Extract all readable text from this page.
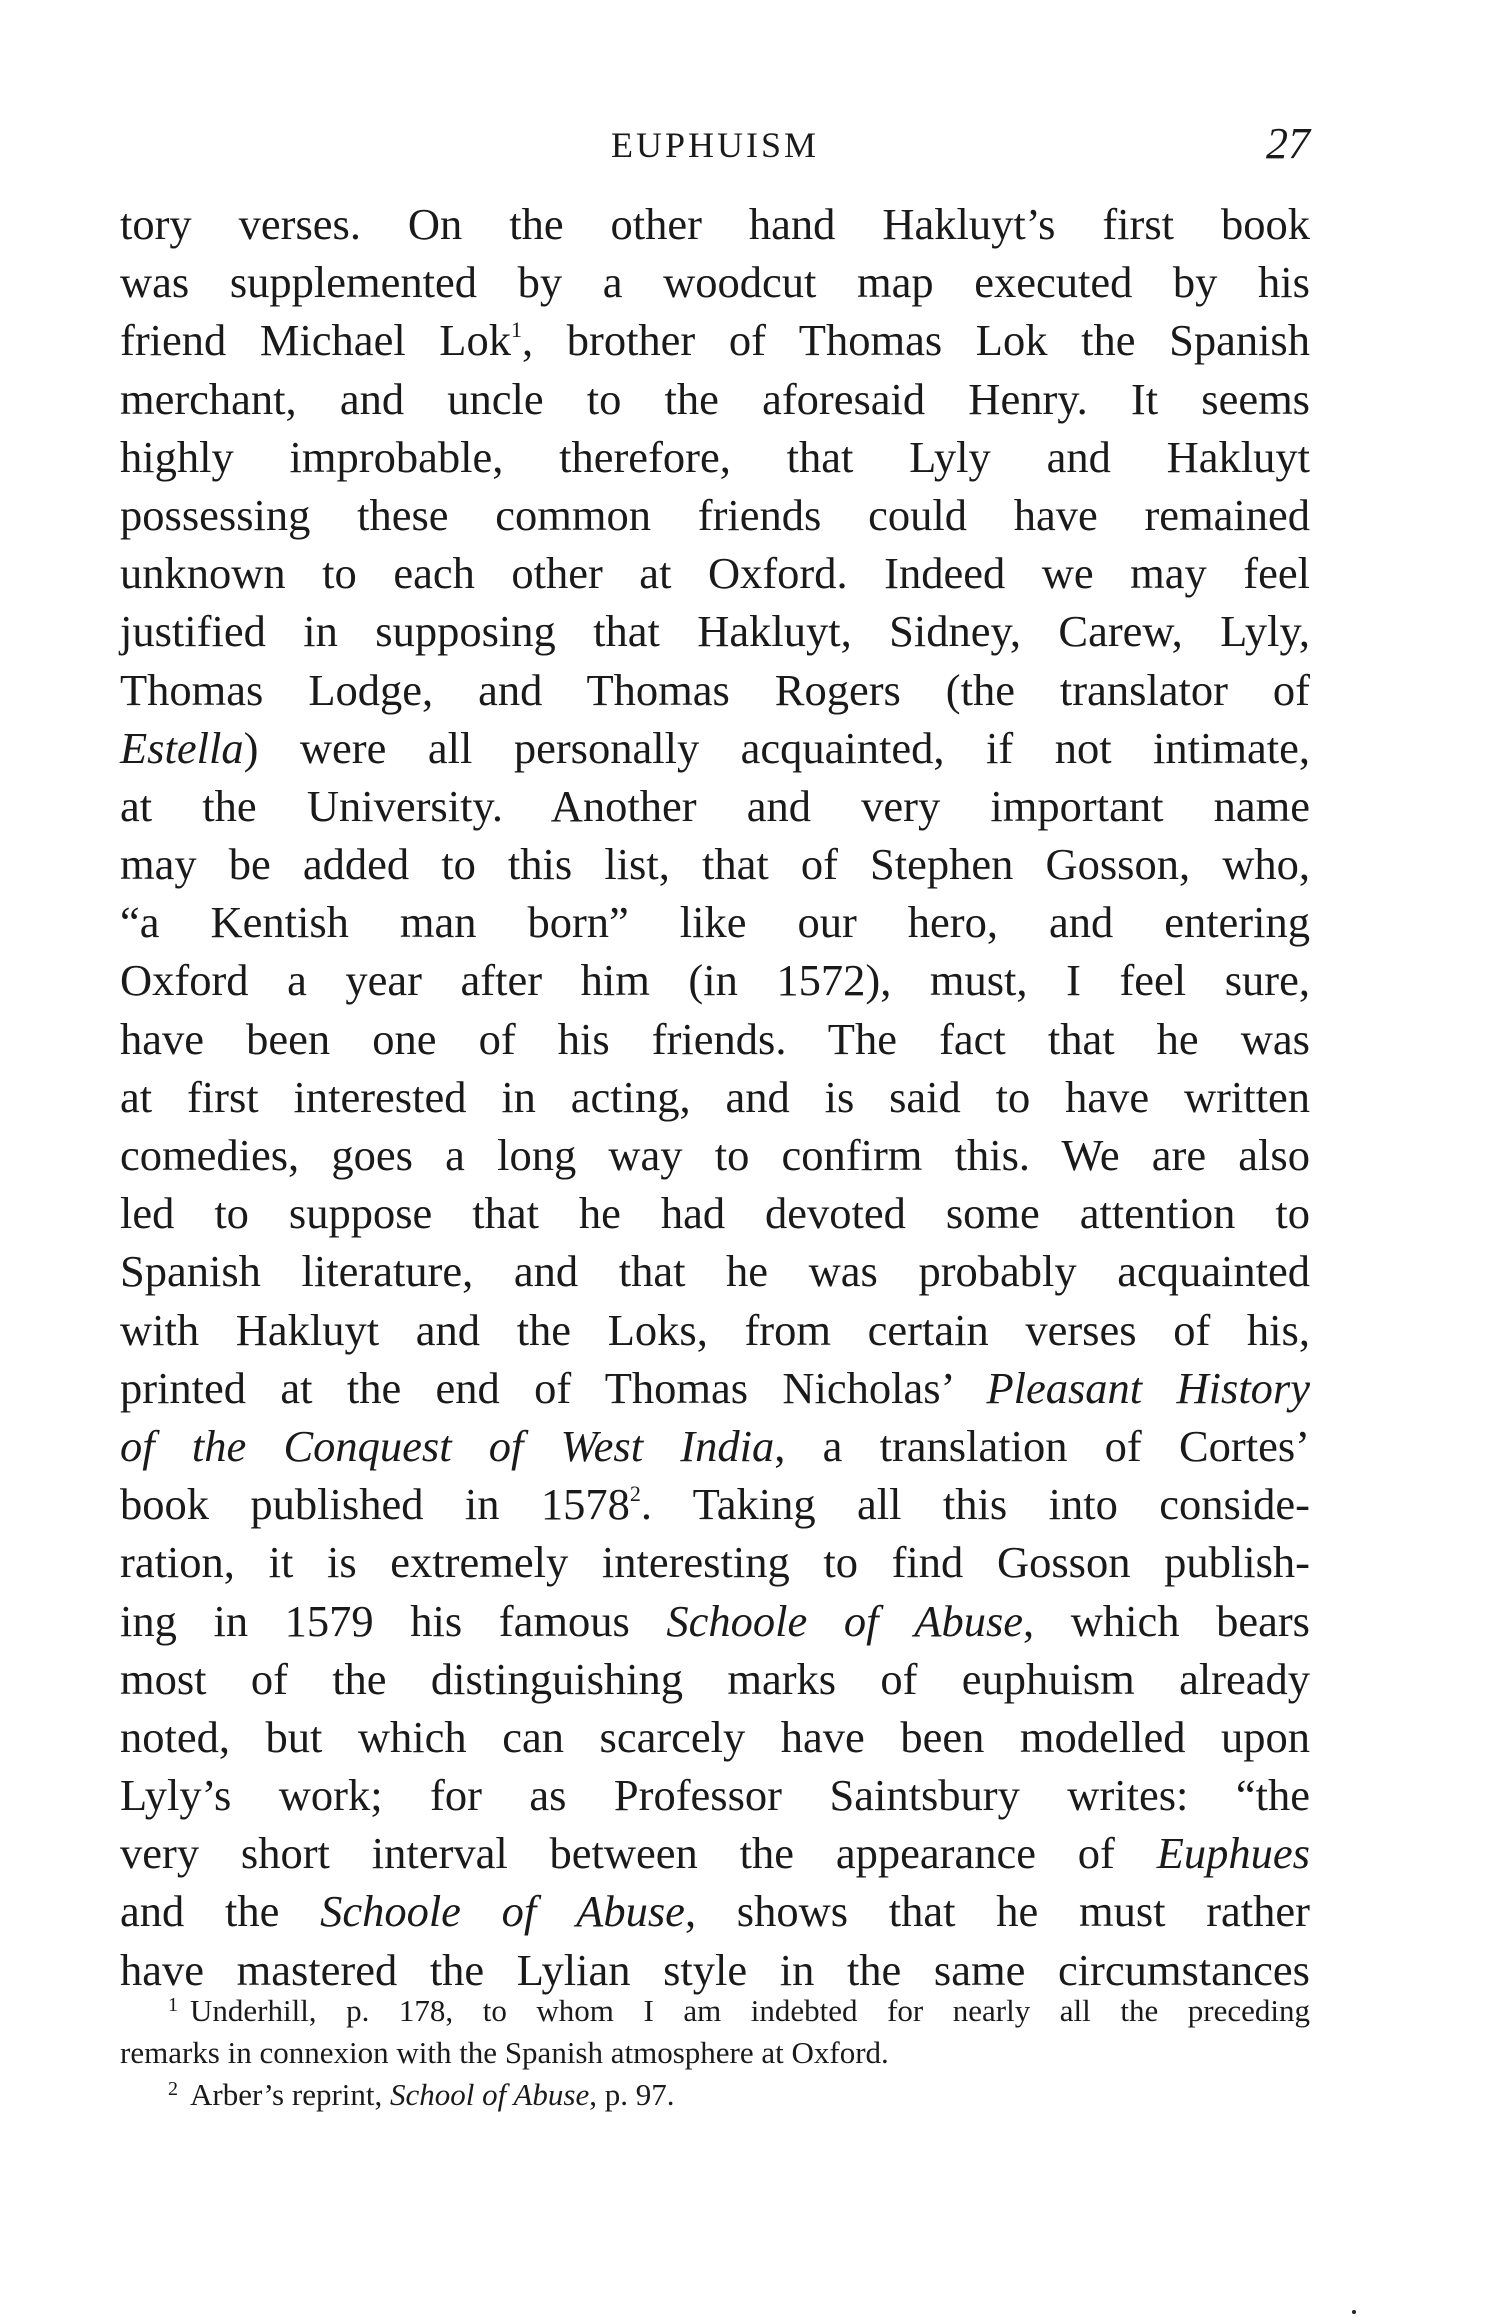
EUPHUISM	27
tory verses. On the other hand Hakluyt’s first book
was supplemented by a woodcut map executed by his
friend Michael Lok$^1$, brother of Thomas Lok the Spanish
merchant, and uncle to the aforesaid Henry. It seems
highly improbable, therefore, that Lyly and Hakluyt
possessing these common friends could have remained
unknown to each other at Oxford. Indeed we may feel
justified in supposing that Hakluyt, Sidney, Carew, Lyly,
Thomas Lodge, and Thomas Rogers (the translator of
Estella) were all personally acquainted, if not intimate,
at the University. Another and very important name
may be added to this list, that of Stephen Gosson, who,
“a Kentish man born” like our hero, and entering
Oxford a year after him (in 1572), must, I feel sure,
have been one of his friends. The fact that he was
at first interested in acting, and is said to have written
comedies, goes a long way to confirm this. We are also
led to suppose that he had devoted some attention to
Spanish literature, and that he was probably acquainted
with Hakluyt and the Loks, from certain verses of his,
printed at the end of Thomas Nicholas’ Pleasant History
of the Conquest of West India, a translation of Cortes’
book published in 1578$^2$. Taking all this into conside-
ration, it is extremely interesting to find Gosson publish-
ing in 1579 his famous Schoole of Abuse, which bears
most of the distinguishing marks of euphuism already
noted, but which can scarcely have been modelled upon
Lyly’s work; for as Professor Saintsbury writes: “the
very short interval between the appearance of Euphues
and the Schoole of Abuse, shows that he must rather
have mastered the Lylian style in the same circumstances
$^1$ Underhill, p. 178, to whom I am indebted for nearly all the preceding
remarks in connexion with the Spanish atmosphere at Oxford.
$^2$ Arber’s reprint, School of Abuse, p. 97.
